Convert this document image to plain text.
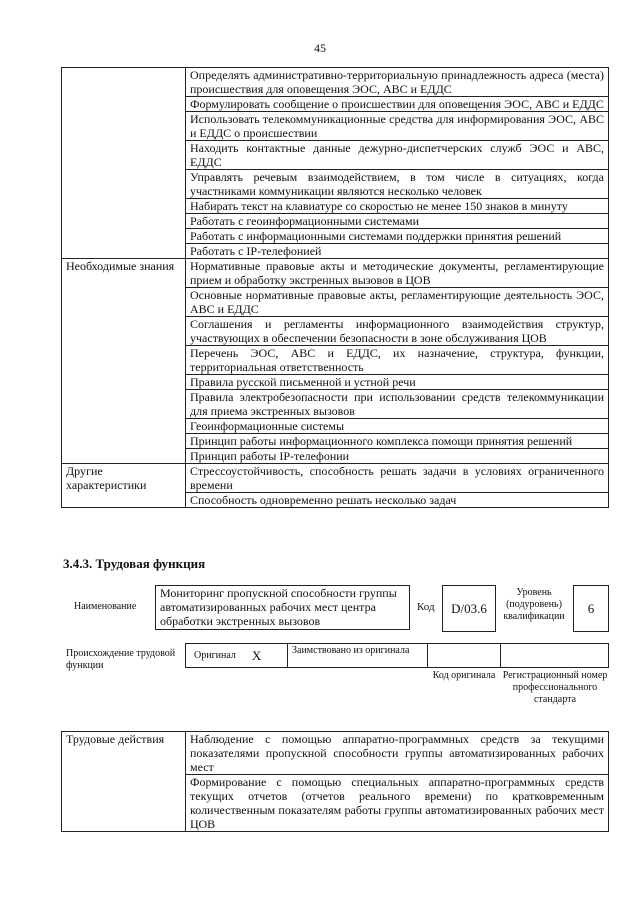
45
	Определять административно-территориальную принадлежность адреса (места) происшествия для оповещения ЭОС, АВС и ЕДДС
	Формулировать сообщение о происшествии для оповещения ЭОС, АВС и ЕДДС
	Использовать телекоммуникационные средства для информирования ЭОС, АВС и ЕДДС о происшествии
	Находить контактные данные дежурно-диспетчерских служб ЭОС и АВС, ЕДДС
	Управлять речевым взаимодействием, в том числе в ситуациях, когда участниками коммуникации являются несколько человек
	Набирать текст на клавиатуре со скоростью не менее 150 знаков в минуту
	Работать с геоинформационными системами
	Работать с информационными системами поддержки принятия решений
	Работать с IP-телефонией
Необходимые знания	Нормативные правовые акты и методические документы, регламентирующие прием и обработку экстренных вызовов в ЦОВ
	Основные нормативные правовые акты, регламентирующие деятельность ЭОС, АВС и ЕДДС
	Соглашения и регламенты информационного взаимодействия структур, участвующих в обеспечении безопасности в зоне обслуживания ЦОВ
	Перечень ЭОС, АВС и ЕДДС, их назначение, структура, функции, территориальная ответственность
	Правила русской письменной и устной речи
	Правила электробезопасности при использовании средств телекоммуникации для приема экстренных вызовов
	Геоинформационные системы
	Принцип работы информационного комплекса помощи принятия решений
	Принцип работы IP-телефонии
Другие характеристики	Стрессоустойчивость, способность решать задачи в условиях ограниченного времени
	Способность одновременно решать несколько задач
3.4.3. Трудовая функция
Наименование
Мониторинг пропускной способности группы автоматизированных рабочих мест центра обработки экстренных вызовов
Код D/03.6
Уровень (подуровень) квалификации
6
Происхождение трудовой функции
Оригинал X	Заимствовано из оригинала
Код оригинала Регистрационный номер профессионального стандарта
Трудовые действия	Наблюдение с помощью аппаратно-программных средств за текущими показателями пропускной способности группы автоматизированных рабочих мест
Формирование с помощью специальных аппаратно-программных средств текущих отчетов (отчетов реального времени) по кратковременным количественным показателям работы группы автоматизированных рабочих мест ЦОВ
